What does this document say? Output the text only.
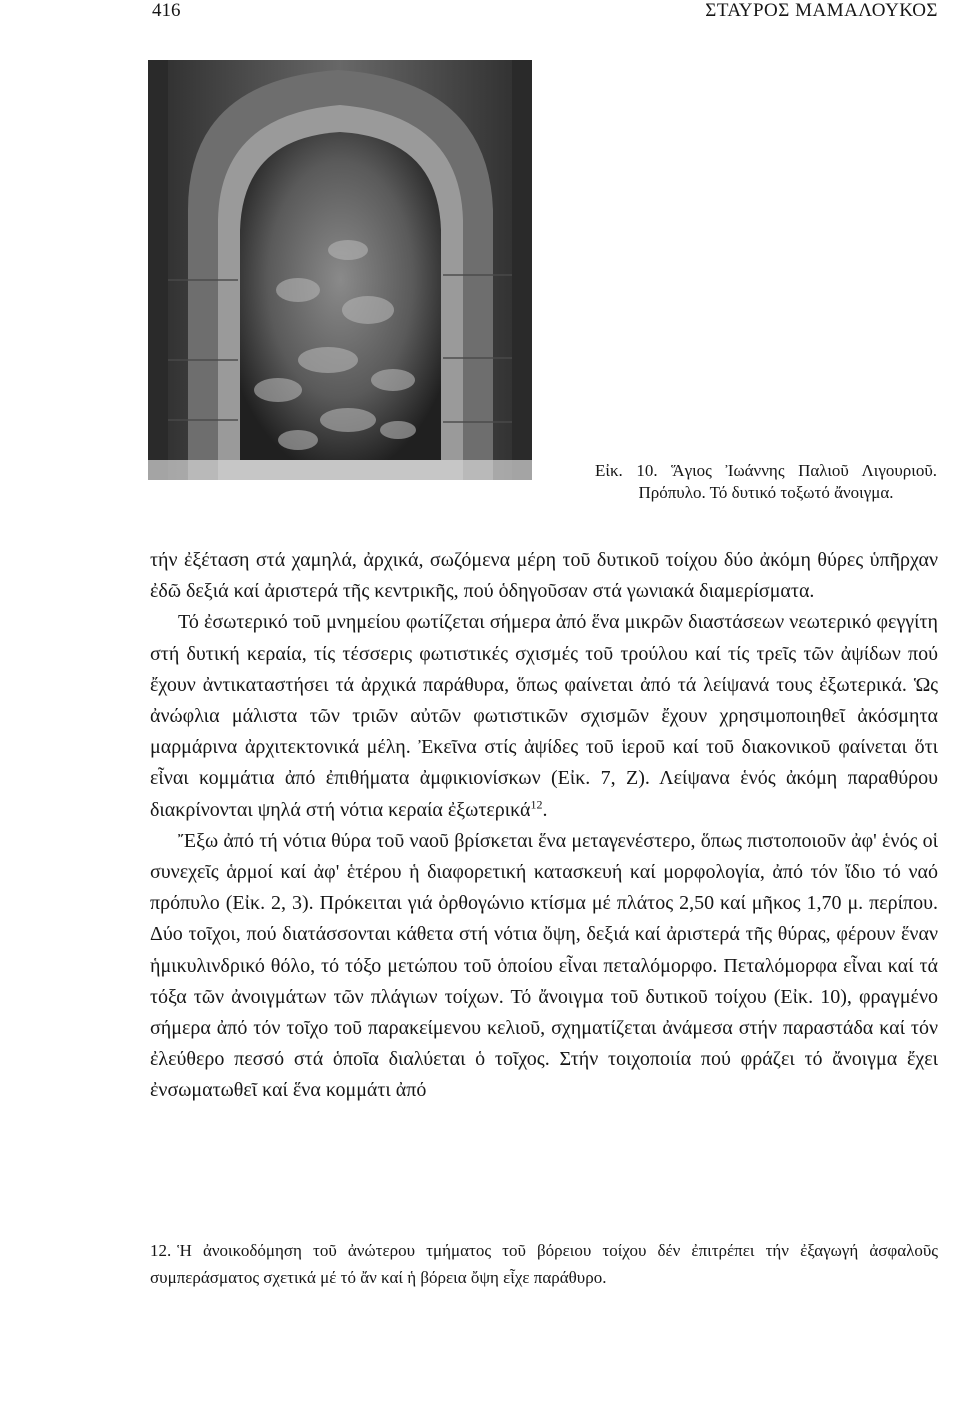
416	ΣΤΑΥΡΟΣ ΜΑΜΑΛΟΥΚΟΣ
Εἰκ. 10. Ἅγιος Ἰωάννης Παλιοῦ Λιγουριοῦ. Πρόπυλο. Τό δυτικό τοξωτό ἄνοιγμα.

τήν ἐξέταση στά χαμηλά, ἀρχικά, σωζόμενα μέρη τοῦ δυτικοῦ τοίχου δύο ἀκόμη θύρες ὑπῆρχαν ἐδῶ δεξιά καί ἀριστερά τῆς κεντρικῆς, πού ὁδηγοῦσαν στά γωνιακά διαμερίσματα.

Τό ἐσωτερικό τοῦ μνημείου φωτίζεται σήμερα ἀπό ἕνα μικρῶν διαστάσεων νεωτερικό φεγγίτη στή δυτική κεραία, τίς τέσσερις φωτιστικές σχισμές τοῦ τρούλου καί τίς τρεῖς τῶν ἀψίδων πού ἔχουν ἀντικαταστήσει τά ἀρχικά παράθυρα, ὅπως φαίνεται ἀπό τά λείψανά τους ἐξωτερικά. Ὡς ἀνώφλια μάλιστα τῶν τριῶν αὐτῶν φωτιστικῶν σχισμῶν ἔχουν χρησιμοποιηθεῖ ἀκόσμητα μαρμάρινα ἀρχιτεκτονικά μέλη. Ἐκεῖνα στίς ἀψίδες τοῦ ἱεροῦ καί τοῦ διακονικοῦ φαίνεται ὅτι εἶναι κομμάτια ἀπό ἐπιθήματα ἀμφικιονίσκων (Εἰκ. 7, Ζ). Λείψανα ἑνός ἀκόμη παραθύρου διακρίνονται ψηλά στή νότια κεραία ἐξωτερικά$^{12}$.

Ἔξω ἀπό τή νότια θύρα τοῦ ναοῦ βρίσκεται ἕνα μεταγενέστερο, ὅπως πιστοποιοῦν ἀφ' ἑνός οἱ συνεχεῖς ἁρμοί καί ἀφ' ἑτέρου ἡ διαφορετική κατασκευή καί μορφολογία, ἀπό τόν ἴδιο τό ναό πρόπυλο (Εἰκ. 2, 3). Πρόκειται γιά ὀρθογώνιο κτίσμα μέ πλάτος 2,50 καί μῆκος 1,70 μ. περίπου. Δύο τοῖχοι, πού διατάσσονται κάθετα στή νότια ὄψη, δεξιά καί ἀριστερά τῆς θύρας, φέρουν ἕναν ἡμικυλινδρικό θόλο, τό τόξο μετώπου τοῦ ὁποίου εἶναι πεταλόμορφο. Πεταλόμορφα εἶναι καί τά τόξα τῶν ἀνοιγμάτων τῶν πλάγιων τοίχων. Τό ἄνοιγμα τοῦ δυτικοῦ τοίχου (Εἰκ. 10), φραγμένο σήμερα ἀπό τόν τοῖχο τοῦ παρακείμενου κελιοῦ, σχηματίζεται ἀνάμεσα στήν παραστάδα καί τόν ἐλεύθερο πεσσό στά ὁποῖα διαλύεται ὁ τοῖχος. Στήν τοιχοποιία πού φράζει τό ἄνοιγμα ἔχει ἐνσωματωθεῖ καί ἕνα κομμάτι ἀπό

12. Ἡ ἀνοικοδόμηση τοῦ ἀνώτερου τμήματος τοῦ βόρειου τοίχου δέν ἐπιτρέπει τήν ἐξαγωγή ἀσφαλοῦς συμπεράσματος σχετικά μέ τό ἄν καί ἡ βόρεια ὄψη εἶχε παράθυρο.
